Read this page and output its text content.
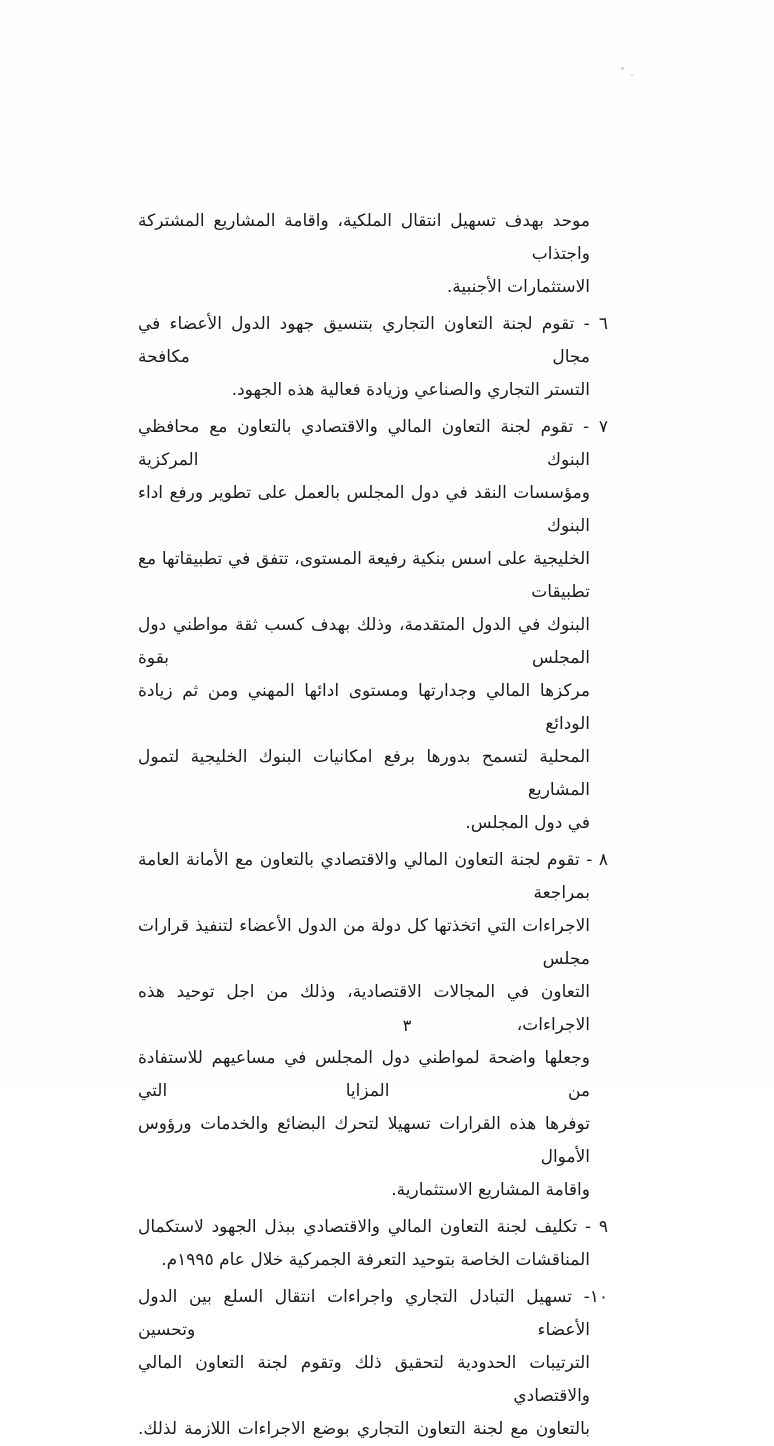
موحد بهدف تسهيل انتقال الملكية، واقامة المشاريع المشتركة واجتذاب
الاستثمارات الأجنبية.
٦ - تقوم لجنة التعاون التجاري بتنسيق جهود الدول الأعضاء في مجال مكافحة
التستر التجاري والصناعي وزيادة فعالية هذه الجهود.
٧ - تقوم لجنة التعاون المالي والاقتصادي بالتعاون مع محافظي البنوك المركزية
ومؤسسات النقد في دول المجلس بالعمل على تطوير ورفع اداء البنوك
الخليجية على اسس بنكية رفيعة المستوى، تتفق في تطبيقاتها مع تطبيقات
البنوك في الدول المتقدمة، وذلك بهدف كسب ثقة مواطني دول المجلس بقوة
مركزها المالي وجدارتها ومستوى ادائها المهني ومن ثم زيادة الودائع
المحلية لتسمح بدورها برفع امكانيات البنوك الخليجية لتمول المشاريع
في دول المجلس.
٨ - تقوم لجنة التعاون المالي والاقتصادي بالتعاون مع الأمانة العامة بمراجعة
الاجراءات التي اتخذتها كل دولة من الدول الأعضاء لتنفيذ قرارات مجلس
التعاون في المجالات الاقتصادية، وذلك من اجل توحيد هذه الاجراءات،
وجعلها واضحة لمواطني دول المجلس في مساعيهم للاستفادة من المزايا التي
توفرها هذه القرارات تسهيلا لتحرك البضائع والخدمات ورؤوس الأموال
واقامة المشاريع الاستثمارية.
٩ - تكليف لجنة التعاون المالي والاقتصادي ببذل الجهود لاستكمال
المناقشات الخاصة بتوحيد التعرفة الجمركية خلال عام ١٩٩٥م.
١٠- تسهيل التبادل التجاري واجراءات انتقال السلع بين الدول الأعضاء وتحسين
الترتيبات الحدودية لتحقيق ذلك وتقوم لجنة التعاون المالي والاقتصادي
بالتعاون مع لجنة التعاون التجاري بوضع الاجراءات اللازمة لذلك.
٣
